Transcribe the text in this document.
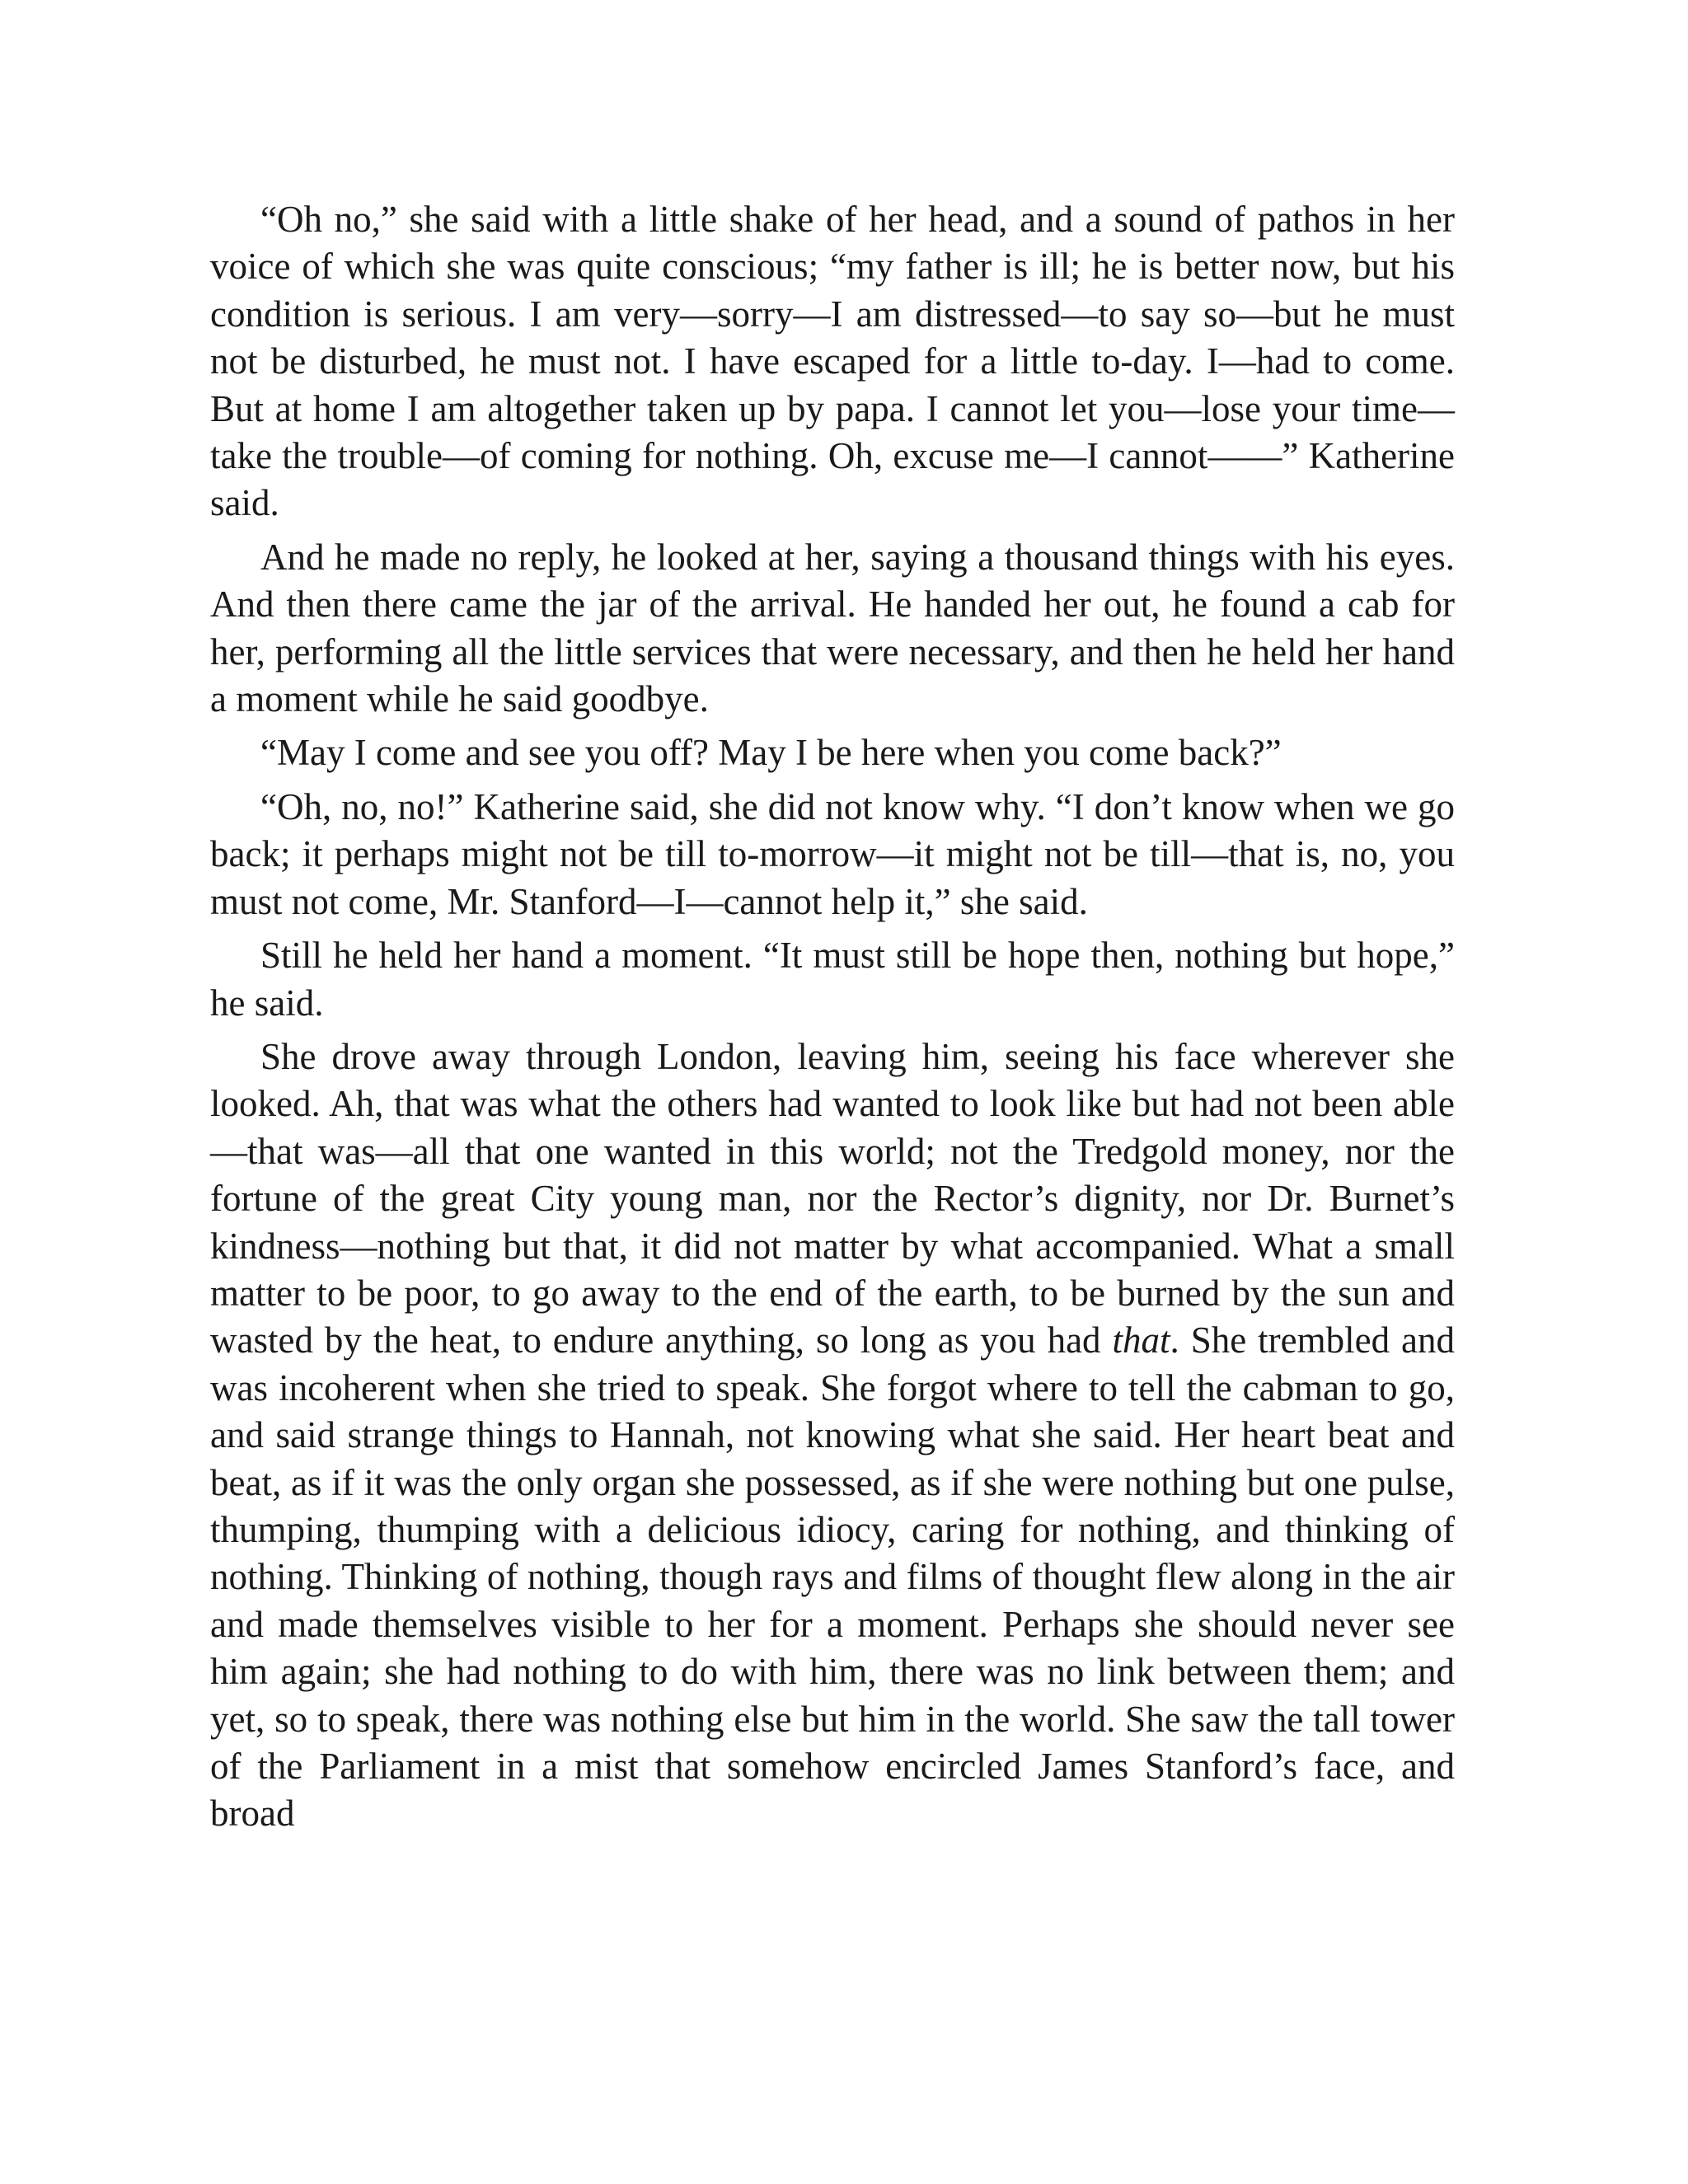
“Oh no,” she said with a little shake of her head, and a sound of pathos in her voice of which she was quite conscious; “my father is ill; he is better now, but his condition is serious. I am very—sorry—I am distressed—to say so—but he must not be disturbed, he must not. I have escaped for a little to-day. I—had to come. But at home I am altogether taken up by papa. I cannot let you—lose your time—take the trouble—of coming for nothing. Oh, excuse me—I cannot——” Katherine said.

And he made no reply, he looked at her, saying a thousand things with his eyes. And then there came the jar of the arrival. He handed her out, he found a cab for her, performing all the little services that were necessary, and then he held her hand a moment while he said goodbye.

“May I come and see you off? May I be here when you come back?”

“Oh, no, no!” Katherine said, she did not know why. “I don’t know when we go back; it perhaps might not be till to-morrow—it might not be till—that is, no, you must not come, Mr. Stanford—I—cannot help it,” she said.

Still he held her hand a moment. “It must still be hope then, nothing but hope,” he said.

She drove away through London, leaving him, seeing his face wherever she looked. Ah, that was what the others had wanted to look like but had not been able—that was—all that one wanted in this world; not the Tredgold money, nor the fortune of the great City young man, nor the Rector’s dignity, nor Dr. Burnet’s kindness—nothing but that, it did not matter by what accompanied. What a small matter to be poor, to go away to the end of the earth, to be burned by the sun and wasted by the heat, to endure anything, so long as you had that. She trembled and was incoherent when she tried to speak. She forgot where to tell the cabman to go, and said strange things to Hannah, not knowing what she said. Her heart beat and beat, as if it was the only organ she possessed, as if she were nothing but one pulse, thumping, thumping with a delicious idiocy, caring for nothing, and thinking of nothing. Thinking of nothing, though rays and films of thought flew along in the air and made themselves visible to her for a moment. Perhaps she should never see him again; she had nothing to do with him, there was no link between them; and yet, so to speak, there was nothing else but him in the world. She saw the tall tower of the Parliament in a mist that somehow encircled James Stanford’s face, and broad
